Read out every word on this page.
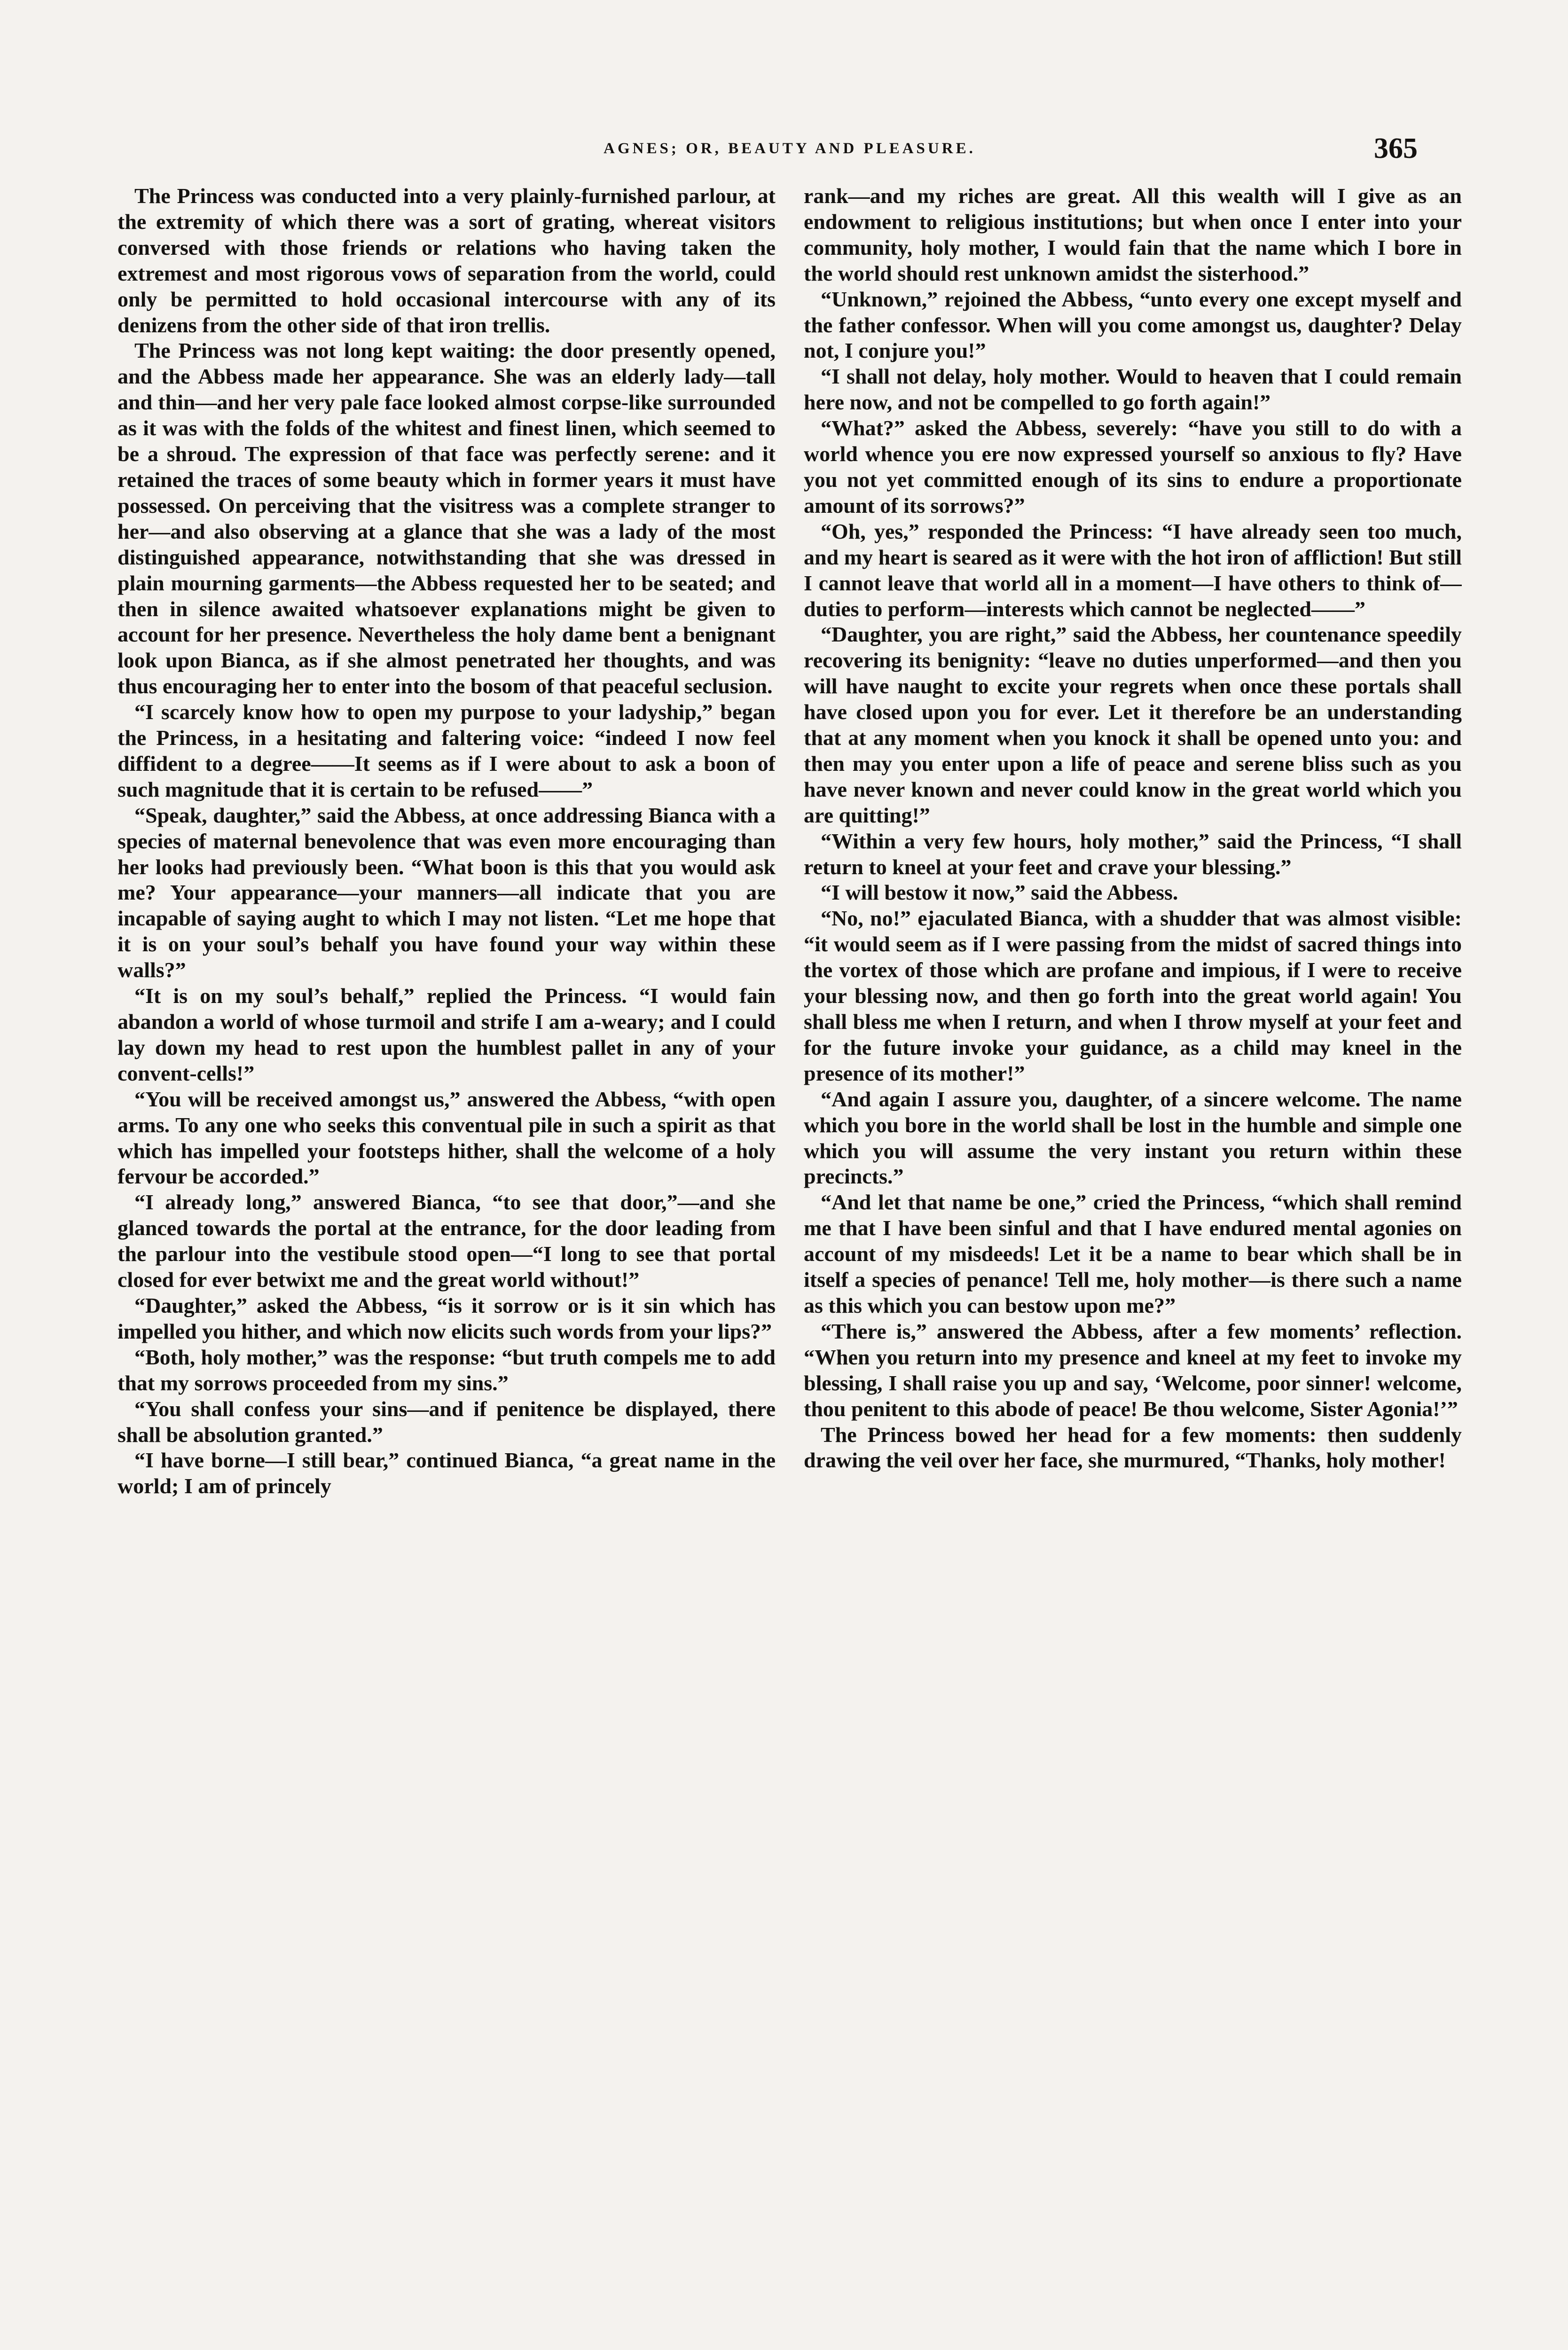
AGNES; OR, BEAUTY AND PLEASURE.	365

The Princess was conducted into a very plainly-furnished parlour, at the extremity of which there was a sort of grating, whereat visitors conversed with those friends or relations who having taken the extremest and most rigorous vows of separation from the world, could only be permitted to hold occasional intercourse with any of its denizens from the other side of that iron trellis.

The Princess was not long kept waiting: the door presently opened, and the Abbess made her appearance. She was an elderly lady—tall and thin—and her very pale face looked almost corpse-like surrounded as it was with the folds of the whitest and finest linen, which seemed to be a shroud. The expression of that face was perfectly serene: and it retained the traces of some beauty which in former years it must have possessed. On perceiving that the visitress was a complete stranger to her—and also observing at a glance that she was a lady of the most distinguished appearance, notwithstanding that she was dressed in plain mourning garments—the Abbess requested her to be seated; and then in silence awaited whatsoever explanations might be given to account for her presence. Nevertheless the holy dame bent a benignant look upon Bianca, as if she almost penetrated her thoughts, and was thus encouraging her to enter into the bosom of that peaceful seclusion.

“I scarcely know how to open my purpose to your ladyship,” began the Princess, in a hesitating and faltering voice: “indeed I now feel diffident to a degree——It seems as if I were about to ask a boon of such magnitude that it is certain to be refused——”

“Speak, daughter,” said the Abbess, at once addressing Bianca with a species of maternal benevolence that was even more encouraging than her looks had previously been. “What boon is this that you would ask me? Your appearance—your manners—all indicate that you are incapable of saying aught to which I may not listen. “Let me hope that it is on your soul’s behalf you have found your way within these walls?”

“It is on my soul’s behalf,” replied the Princess. “I would fain abandon a world of whose turmoil and strife I am a-weary; and I could lay down my head to rest upon the humblest pallet in any of your convent-cells!”

“You will be received amongst us,” answered the Abbess, “with open arms. To any one who seeks this conventual pile in such a spirit as that which has impelled your footsteps hither, shall the welcome of a holy fervour be accorded.”

“I already long,” answered Bianca, “to see that door,”—and she glanced towards the portal at the entrance, for the door leading from the parlour into the vestibule stood open—“I long to see that portal closed for ever betwixt me and the great world without!”

“Daughter,” asked the Abbess, “is it sorrow or is it sin which has impelled you hither, and which now elicits such words from your lips?”

“Both, holy mother,” was the response: “but truth compels me to add that my sorrows proceeded from my sins.”

“You shall confess your sins—and if penitence be displayed, there shall be absolution granted.”

“I have borne—I still bear,” continued Bianca, “a great name in the world; I am of princely

rank—and my riches are great. All this wealth will I give as an endowment to religious institutions; but when once I enter into your community, holy mother, I would fain that the name which I bore in the world should rest unknown amidst the sisterhood.”

“Unknown,” rejoined the Abbess, “unto every one except myself and the father confessor. When will you come amongst us, daughter? Delay not, I conjure you!”

“I shall not delay, holy mother. Would to heaven that I could remain here now, and not be compelled to go forth again!”

“What?” asked the Abbess, severely: “have you still to do with a world whence you ere now expressed yourself so anxious to fly? Have you not yet committed enough of its sins to endure a proportionate amount of its sorrows?”

“Oh, yes,” responded the Princess: “I have already seen too much, and my heart is seared as it were with the hot iron of affliction! But still I cannot leave that world all in a moment—I have others to think of—duties to perform—interests which cannot be neglected——”

“Daughter, you are right,” said the Abbess, her countenance speedily recovering its benignity: “leave no duties unperformed—and then you will have naught to excite your regrets when once these portals shall have closed upon you for ever. Let it therefore be an understanding that at any moment when you knock it shall be opened unto you: and then may you enter upon a life of peace and serene bliss such as you have never known and never could know in the great world which you are quitting!”

“Within a very few hours, holy mother,” said the Princess, “I shall return to kneel at your feet and crave your blessing.”

“I will bestow it now,” said the Abbess.

“No, no!” ejaculated Bianca, with a shudder that was almost visible: “it would seem as if I were passing from the midst of sacred things into the vortex of those which are profane and impious, if I were to receive your blessing now, and then go forth into the great world again! You shall bless me when I return, and when I throw myself at your feet and for the future invoke your guidance, as a child may kneel in the presence of its mother!”

“And again I assure you, daughter, of a sincere welcome. The name which you bore in the world shall be lost in the humble and simple one which you will assume the very instant you return within these precincts.”

“And let that name be one,” cried the Princess, “which shall remind me that I have been sinful and that I have endured mental agonies on account of my misdeeds! Let it be a name to bear which shall be in itself a species of penance! Tell me, holy mother—is there such a name as this which you can bestow upon me?”

“There is,” answered the Abbess, after a few moments’ reflection. “When you return into my presence and kneel at my feet to invoke my blessing, I shall raise you up and say, ‘Welcome, poor sinner! welcome, thou penitent to this abode of peace! Be thou welcome, Sister Agonia!’”

The Princess bowed her head for a few moments: then suddenly drawing the veil over her face, she murmured, “Thanks, holy mother!
